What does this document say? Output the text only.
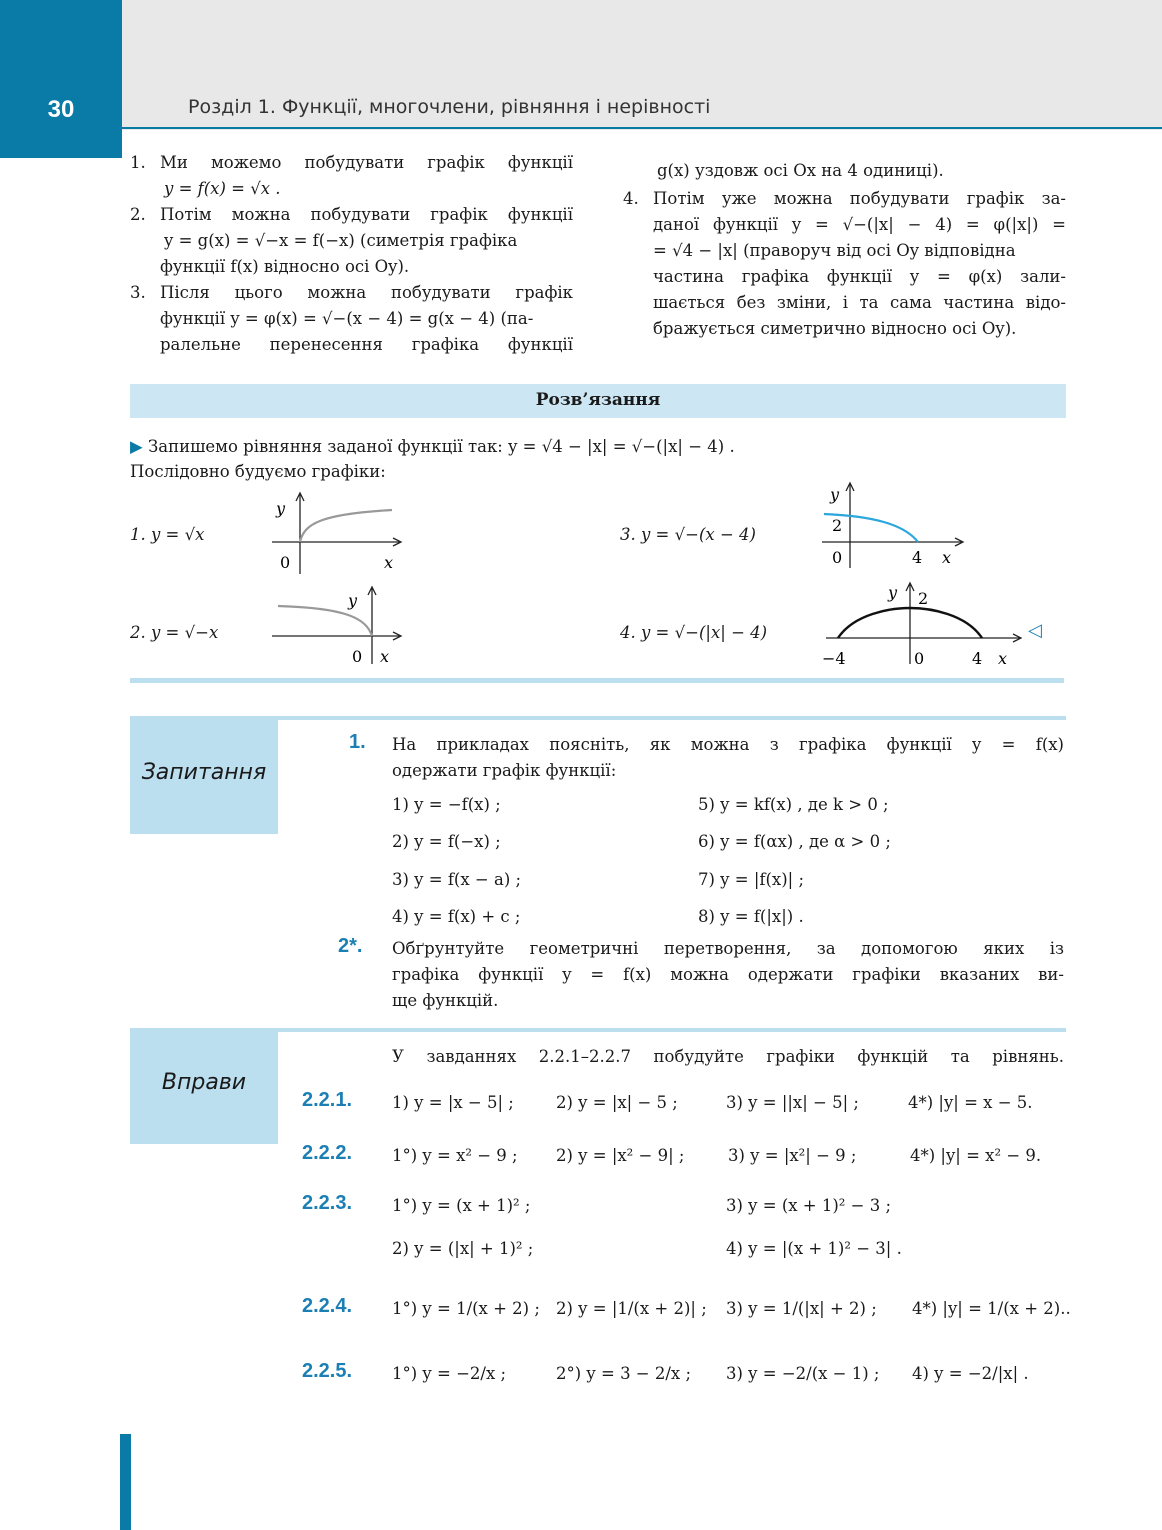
30	Розділ 1. Функції, многочлени, рівняння і нерівності
1. Ми можемо побудувати графік функції
y = f(x) = √x .
2. Потім можна побудувати графік функції
y = g(x) = √−x = f(−x) (симетрія графіка
функції f(x) відносно осі Oy).
3. Після цього можна побудувати графік
функції y = φ(x) = √−(x − 4) = g(x − 4) (па-
ралельне перенесення графіка функції
g(x) уздовж осі Ox на 4 одиниці).
4. Потім уже можна побудувати графік за-
даної функції y = √−(|x| − 4) = φ(|x|) =
= √4 − |x| (праворуч від осі Oy відповідна
частина графіка функції y = φ(x) зали-
шається без зміни, і та сама частина відо-
бражується симетрично відносно осі Oy).
Розв’язання
▶ Запишемо рівняння заданої функції так: y = √4 − |x| = √−(|x| − 4) .
Послідовно будуємо графіки:
1. y = √x
2. y = √−x
3. y = √−(x − 4)
4. y = √−(|x| − 4)
y
0	x
y
0 x
y
2
0	4 x
y 2
−4	0	4 x
◁
Запитання
1. На прикладах поясніть, як можна з графіка функції y = f(x)
одержати графік функції:
1) y = −f(x) ;	5) y = kf(x) , де k > 0 ;
2) y = f(−x) ;	6) y = f(αx) , де α > 0 ;
3) y = f(x − a) ;	7) y = |f(x)| ;
4) y = f(x) + c ;	8) y = f(|x|) .
2*. Обґрунтуйте геометричні перетворення, за допомогою яких із
графіка функції y = f(x) можна одержати графіки вказаних ви-
ще функцій.
Вправи
У завданнях 2.2.1–2.2.7 побудуйте графіки функцій та рівнянь.
2.2.1. 1) y = |x − 5| ;	2) y = |x| − 5 ;	3) y = ||x| − 5| ;	4*) |y| = x − 5.
2.2.2. 1°) y = x² − 9 ; 2) y = |x² − 9| ;	3) y = |x²| − 9 ;	4*) |y| = x² − 9.
2.2.3. 1°) y = (x + 1)² ;	3) y = (x + 1)² − 3 ;
2) y = (|x| + 1)² ;	4) y = |(x + 1)² − 3| .
2.2.4. 1°) y = 1/(x + 2) ; 2) y = |1/(x + 2)| ; 3) y = 1/(|x| + 2) ; 4*) |y| = 1/(x + 2)..
2.2.5. 1°) y = −2/x ;	2°) y = 3 − 2/x ; 3) y = −2/(x − 1) ; 4) y = −2/|x| .
